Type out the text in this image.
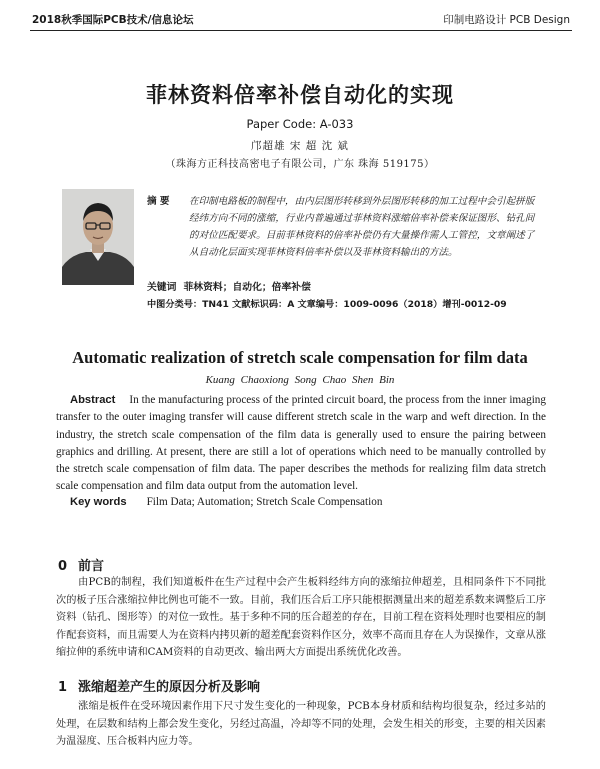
2018秋季国际PCB技术/信息论坛	印制电路设计 PCB Design
菲林资料倍率补偿自动化的实现
Paper Code: A-033
邝超雄 宋 超 沈 斌
（珠海方正科技高密电子有限公司，广东 珠海 519175）
摘 要	在印制电路板的制程中，由内层图形转移到外层图形转移的加工过程中会引起拼版经纬方向不同的涨缩，行业内普遍通过菲林资料涨缩倍率补偿来保证图形、钻孔间的对位匹配要求。目前菲林资料的倍率补偿仍有大量操作需人工管控，文章阐述了从自动化层面实现菲林资料倍率补偿以及菲林资料输出的方法。
关键词 菲林资料；自动化；倍率补偿
中图分类号：TN41 文献标识码：A 文章编号：1009-0096（2018）增刊-0012-09
Automatic realization of stretch scale compensation for film data
Kuang Chaoxiong Song Chao Shen Bin
Abstract In the manufacturing process of the printed circuit board, the process from the inner imaging transfer to the outer imaging transfer will cause different stretch scale in the warp and weft direction. In the industry, the stretch scale compensation of the film data is generally used to ensure the pairing between graphics and drilling. At present, there are still a lot of operations which need to be manually controlled by the stretch scale compensation of film data. The paper describes the methods for realizing film data stretch scale compensation and film data output from the automation level.
Key words Film Data; Automation; Stretch Scale Compensation
0 前言
由PCB的制程，我们知道板件在生产过程中会产生板料经纬方向的涨缩拉伸超差，且相同条件下不同批次的板子压合涨缩拉伸比例也可能不一致。目前，我们压合后工序只能根据测量出来的超差系数来调整后工序资料（钻孔、图形等）的对位一致性。基于多种不同的压合超差的存在，目前工程在资料处理时也要相应的制作配套资料，而且需要人为在资料内拷贝新的超差配套资料作区分，效率不高而且存在人为误操作，文章从涨缩拉伸的系统申请和CAM资料的自动更改、输出两大方面提出系统优化改善。
1 涨缩超差产生的原因分析及影响
涨缩是板件在受环境因素作用下尺寸发生变化的一种现象，PCB本身材质和结构均很复杂，经过多站的处理，在层数和结构上都会发生变化，另经过高温，冷却等不同的处理，会发生相关的形变，主要的相关因素为温湿度、压合板料内应力等。
